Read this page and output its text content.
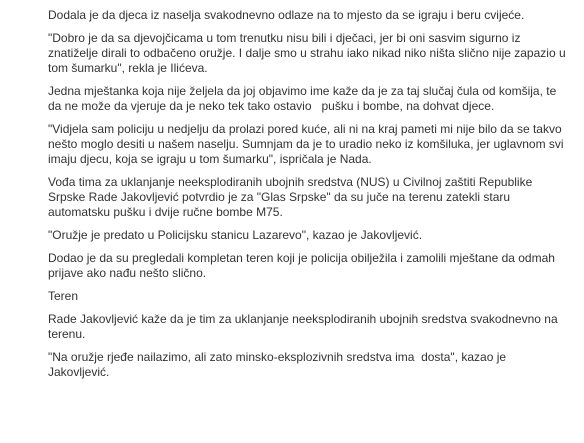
Dodala je da djeca iz naselja svakodnevno odlaze na to mjesto da se igraju i beru cvijeće.

"Dobro je da sa djevojčicama u tom trenutku nisu bili i dječaci, jer bi oni sasvim sigurno iz znatiželje dirali to odbačeno oružje. I dalje smo u strahu iako nikad niko ništa slično nije zapazio u tom šumarku", rekla je Ilićeva.

Jedna mještanka koja nije željela da joj objavimo ime kaže da je za taj slučaj čula od komšija, te da ne može da vjeruje da je neko tek tako ostavio   pušku i bombe, na dohvat djece.

"Vidjela sam policiju u nedjelju da prolazi pored kuće, ali ni na kraj pameti mi nije bilo da se takvo nešto moglo desiti u našem naselju. Sumnjam da je to uradio neko iz komšiluka, jer uglavnom svi imaju djecu, koja se igraju u tom šumarku", ispričala je Nada.

Vođa tima za uklanjanje neeksplodiranih ubojnih sredstva (NUS) u Civilnoj zaštiti Republike Srpske Rade Jakovljević potvrdio je za "Glas Srpske" da su juče na terenu zatekli staru automatsku pušku i dvije ručne bombe M75.

"Oružje je predato u Policijsku stanicu Lazarevo", kazao je Jakovljević.

Dodao je da su pregledali kompletan teren koji je policija obilježila i zamolili mještane da odmah prijave ako nađu nešto slično.

Teren

Rade Jakovljević kaže da je tim za uklanjanje neeksplodiranih ubojnih sredstva svakodnevno na terenu.

"Na oružje rjeđe nailazimo, ali zato minsko-eksplozivnih sredstva ima  dosta", kazao je Jakovljević.
